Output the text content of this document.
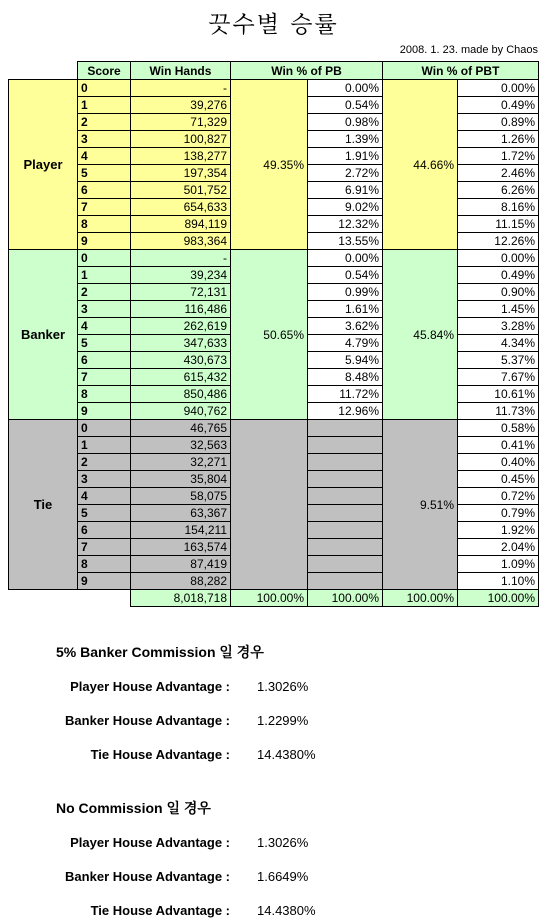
끗수별 승률
2008. 1. 23. made by Chaos
	Score	Win Hands	Win % of PB		Win % of PBT	
Player	0	-	49.35%	0.00%	44.66%	0.00%
	1	39,276		0.54%		0.49%
	2	71,329		0.98%		0.89%
	3	100,827		1.39%		1.26%
	4	138,277		1.91%		1.72%
	5	197,354		2.72%		2.46%
	6	501,752		6.91%		6.26%
	7	654,633		9.02%		8.16%
	8	894,119		12.32%		11.15%
	9	983,364		13.55%		12.26%
Banker	0	-	50.65%	0.00%	45.84%	0.00%
	1	39,234		0.54%		0.49%
	2	72,131		0.99%		0.90%
	3	116,486		1.61%		1.45%
	4	262,619		3.62%		3.28%
	5	347,633		4.79%		4.34%
	6	430,673		5.94%		5.37%
	7	615,432		8.48%		7.67%
	8	850,486		11.72%		10.61%
	9	940,762		12.96%		11.73%
Tie	0	46,765			9.51%	0.58%
	1	32,563				0.41%
	2	32,271				0.40%
	3	35,804				0.45%
	4	58,075				0.72%
	5	63,367				0.79%
	6	154,211				1.92%
	7	163,574				2.04%
	8	87,419				1.09%
	9	88,282				1.10%
		8,018,718	100.00%	100.00%	100.00%	100.00%
5% Banker Commission 일 경우
Player House Advantage : 1.3026%
Banker House Advantage : 1.2299%
Tie House Advantage : 14.4380%
No Commission 일 경우
Player House Advantage : 1.3026%
Banker House Advantage : 1.6649%
Tie House Advantage : 14.4380%
